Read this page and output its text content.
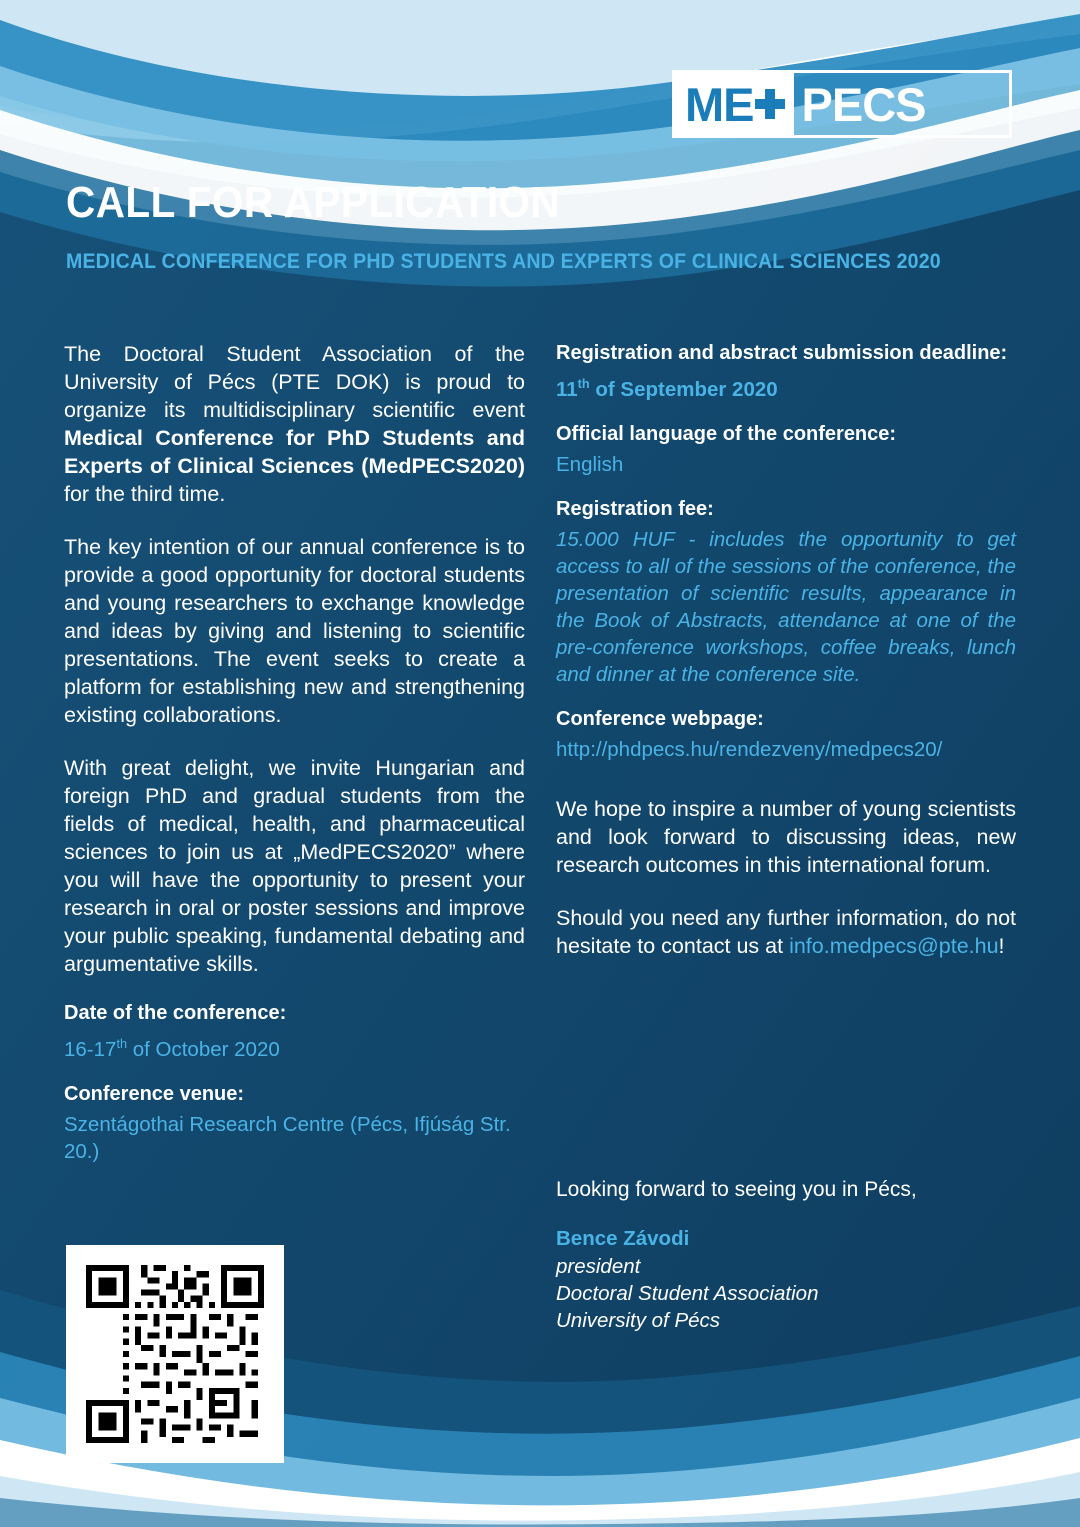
ME PECS
CALL FOR APPLICATION
MEDICAL CONFERENCE FOR PHD STUDENTS AND EXPERTS OF CLINICAL SCIENCES 2020

The Doctoral Student Association of the University of Pécs (PTE DOK) is proud to organize its multidisciplinary scientific event Medical Conference for PhD Students and Experts of Clinical Sciences (MedPECS2020) for the third time.

The key intention of our annual conference is to provide a good opportunity for doctoral students and young researchers to exchange knowledge and ideas by giving and listening to scientific presentations. The event seeks to create a platform for establishing new and strengthening existing collaborations.

With great delight, we invite Hungarian and foreign PhD and gradual students from the fields of medical, health, and pharmaceutical sciences to join us at „MedPECS2020” where you will have the opportunity to present your research in oral or poster sessions and improve your public speaking, fundamental debating and argumentative skills.

Date of the conference:

16-17th of October 2020

Conference venue:

Szentágothai Research Centre (Pécs, Ifjúság Str. 20.)

Registration and abstract submission deadline:

11th of September 2020

Official language of the conference:

English

Registration fee:

15.000 HUF - includes the opportunity to get access to all of the sessions of the conference, the presentation of scientific results, appearance in the Book of Abstracts, attendance at one of the pre-conference workshops, coffee breaks, lunch and dinner at the conference site.

Conference webpage:

http://phdpecs.hu/rendezveny/medpecs20/

We hope to inspire a number of young scientists and look forward to discussing ideas, new research outcomes in this international forum.

Should you need any further information, do not hesitate to contact us at info.medpecs@pte.hu!

Looking forward to seeing you in Pécs,

Bence Závodi

president

Doctoral Student Association

University of Pécs
